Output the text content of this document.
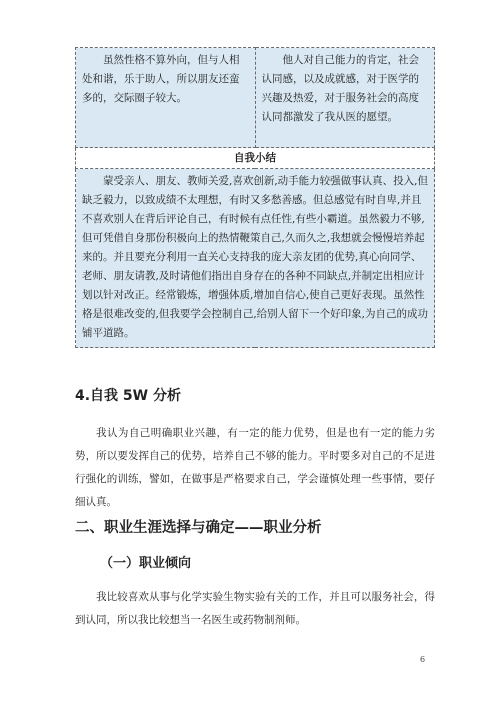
虽然性格不算外向，但与人相处和谐，乐于助人，所以朋友还蛮多的，交际圈子较大。

他人对自己能力的肯定，社会认同感，以及成就感，对于医学的兴趣及热爱，对于服务社会的高度认同都激发了我从医的愿望。

自我小结

蒙受亲人、朋友、教师关爱,喜欢创新,动手能力较强做事认真、投入,但缺乏毅力，以致成绩不太理想，有时又多愁善感。但总感觉有时自卑,并且不喜欢别人在背后评论自己，有时候有点任性,有些小霸道。虽然毅力不够,但可凭借自身那份积极向上的热情鞭策自己,久而久之,我想就会慢慢培养起来的。并且要充分利用一直关心支持我的庞大亲友团的优势,真心向同学、老师、朋友请教,及时请他们指出自身存在的各种不同缺点,并制定出相应计划以针对改正。经常锻炼，增强体质,增加自信心,使自己更好表现。虽然性格是很难改变的,但我要学会控制自己,给别人留下一个好印象,为自己的成功铺平道路。
4.自我 5W 分析
我认为自己明确职业兴趣，有一定的能力优势，但是也有一定的能力劣势，所以要发挥自己的优势，培养自己不够的能力。平时要多对自己的不足进行强化的训练，譬如，在做事是严格要求自己，学会谨慎处理一些事情，要仔细认真。
二、职业生涯选择与确定——职业分析
（一）职业倾向
我比较喜欢从事与化学实验生物实验有关的工作，并且可以服务社会，得到认同，所以我比较想当一名医生或药物制剂师。
6
